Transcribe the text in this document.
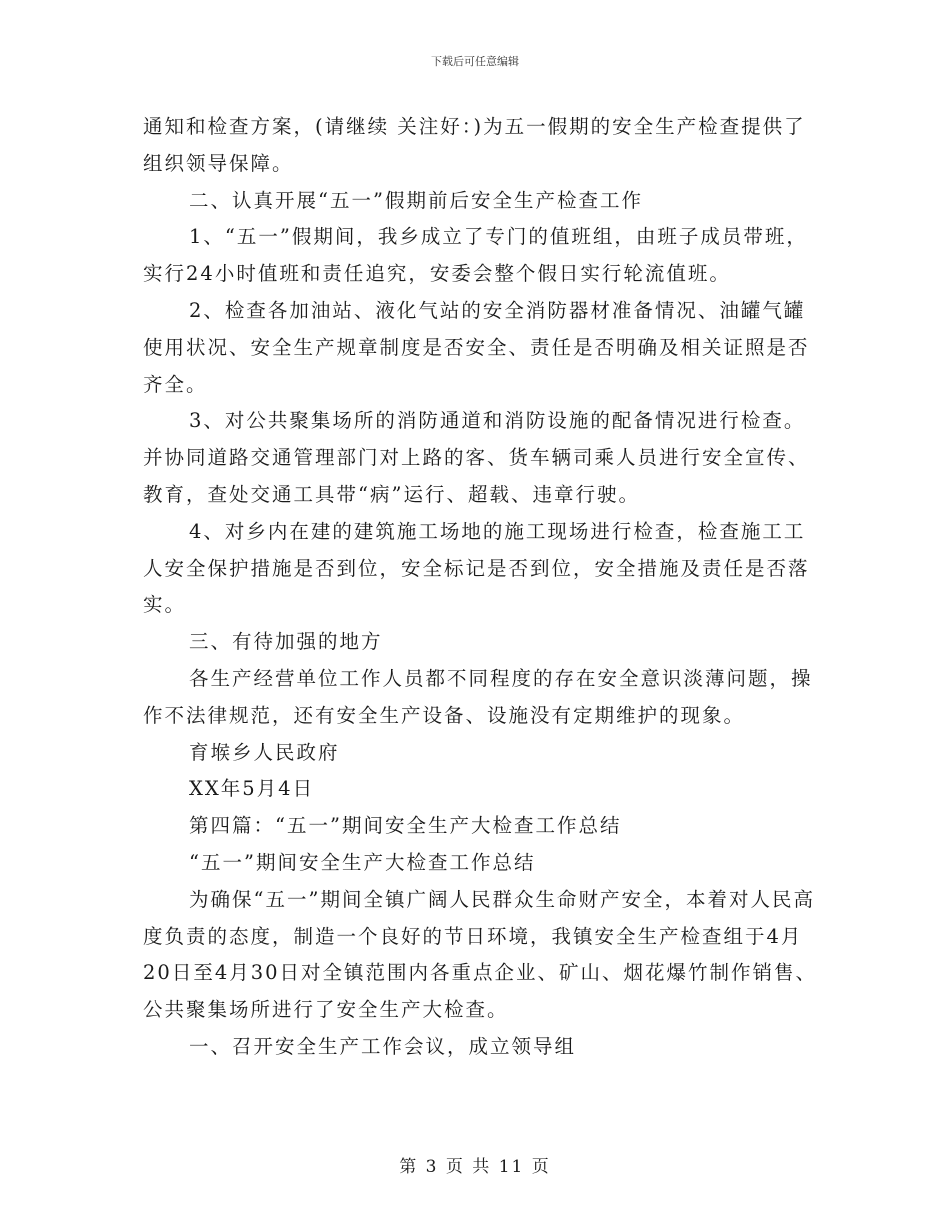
下载后可任意编辑

通知和检查方案，(请继续 关注好：)为五一假期的安全生产检查提供了组织领导保障。

二、认真开展“五一”假期前后安全生产检查工作

1、“五一”假期间，我乡成立了专门的值班组，由班子成员带班，实行24小时值班和责任追究，安委会整个假日实行轮流值班。

2、检查各加油站、液化气站的安全消防器材准备情况、油罐气罐使用状况、安全生产规章制度是否安全、责任是否明确及相关证照是否齐全。

3、对公共聚集场所的消防通道和消防设施的配备情况进行检查。并协同道路交通管理部门对上路的客、货车辆司乘人员进行安全宣传、教育，查处交通工具带“病”运行、超载、违章行驶。

4、对乡内在建的建筑施工场地的施工现场进行检查，检查施工工人安全保护措施是否到位，安全标记是否到位，安全措施及责任是否落实。

三、有待加强的地方

各生产经营单位工作人员都不同程度的存在安全意识淡薄问题，操作不法律规范，还有安全生产设备、设施没有定期维护的现象。

育堠乡人民政府

XX年5月4日

第四篇：“五一”期间安全生产大检查工作总结

“五一”期间安全生产大检查工作总结

为确保“五一”期间全镇广阔人民群众生命财产安全，本着对人民高度负责的态度，制造一个良好的节日环境，我镇安全生产检查组于4月20日至4月30日对全镇范围内各重点企业、矿山、烟花爆竹制作销售、公共聚集场所进行了安全生产大检查。

一、召开安全生产工作会议，成立领导组

第 3 页 共 11 页
